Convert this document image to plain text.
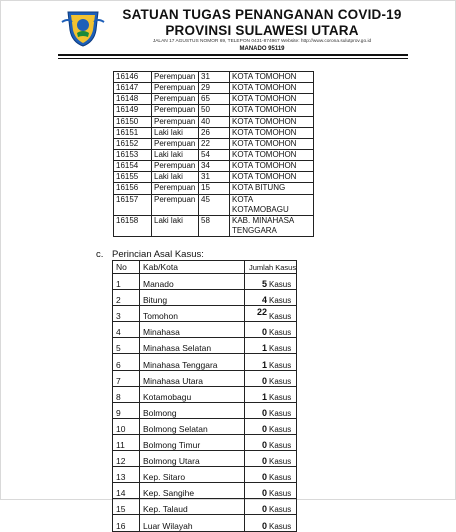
SATUAN TUGAS PENANGANAN COVID-19
PROVINSI SULAWESI UTARA
JALAN 17 AGUSTUS NOMOR 69, TELEPON 0431-874967 Website: http://www.corona.sulutprov.go.id
MANADO 95119
16146	Perempuan	31	KOTA TOMOHON
16147	Perempuan	29	KOTA TOMOHON
16148	Perempuan	65	KOTA TOMOHON
16149	Perempuan	50	KOTA TOMOHON
16150	Perempuan	40	KOTA TOMOHON
16151	Laki laki	26	KOTA TOMOHON
16152	Perempuan	22	KOTA TOMOHON
16153	Laki laki	54	KOTA TOMOHON
16154	Perempuan	34	KOTA TOMOHON
16155	Laki laki	31	KOTA TOMOHON
16156	Perempuan	15	KOTA BITUNG
16157	Perempuan	45	KOTA KOTAMOBAGU
16158	Laki laki	58	KAB. MINAHASA
TENGGARA
c. Perincian Asal Kasus:
No	Kab/Kota	Jumlah Kasus
1	Manado	5 Kasus
2	Bitung	4 Kasus
3	Tomohon	22 Kasus
4	Minahasa	0 Kasus
5	Minahasa Selatan	1 Kasus
6	Minahasa Tenggara	1 Kasus
7	Minahasa Utara	0 Kasus
8	Kotamobagu	1 Kasus
9	Bolmong	0 Kasus
10	Bolmong Selatan	0 Kasus
11	Bolmong Timur	0 Kasus
12	Bolmong Utara	0 Kasus
13	Kep. Sitaro	0 Kasus
14	Kep. Sangihe	0 Kasus
15	Kep. Talaud	0 Kasus
16	Luar Wilayah	0 Kasus
